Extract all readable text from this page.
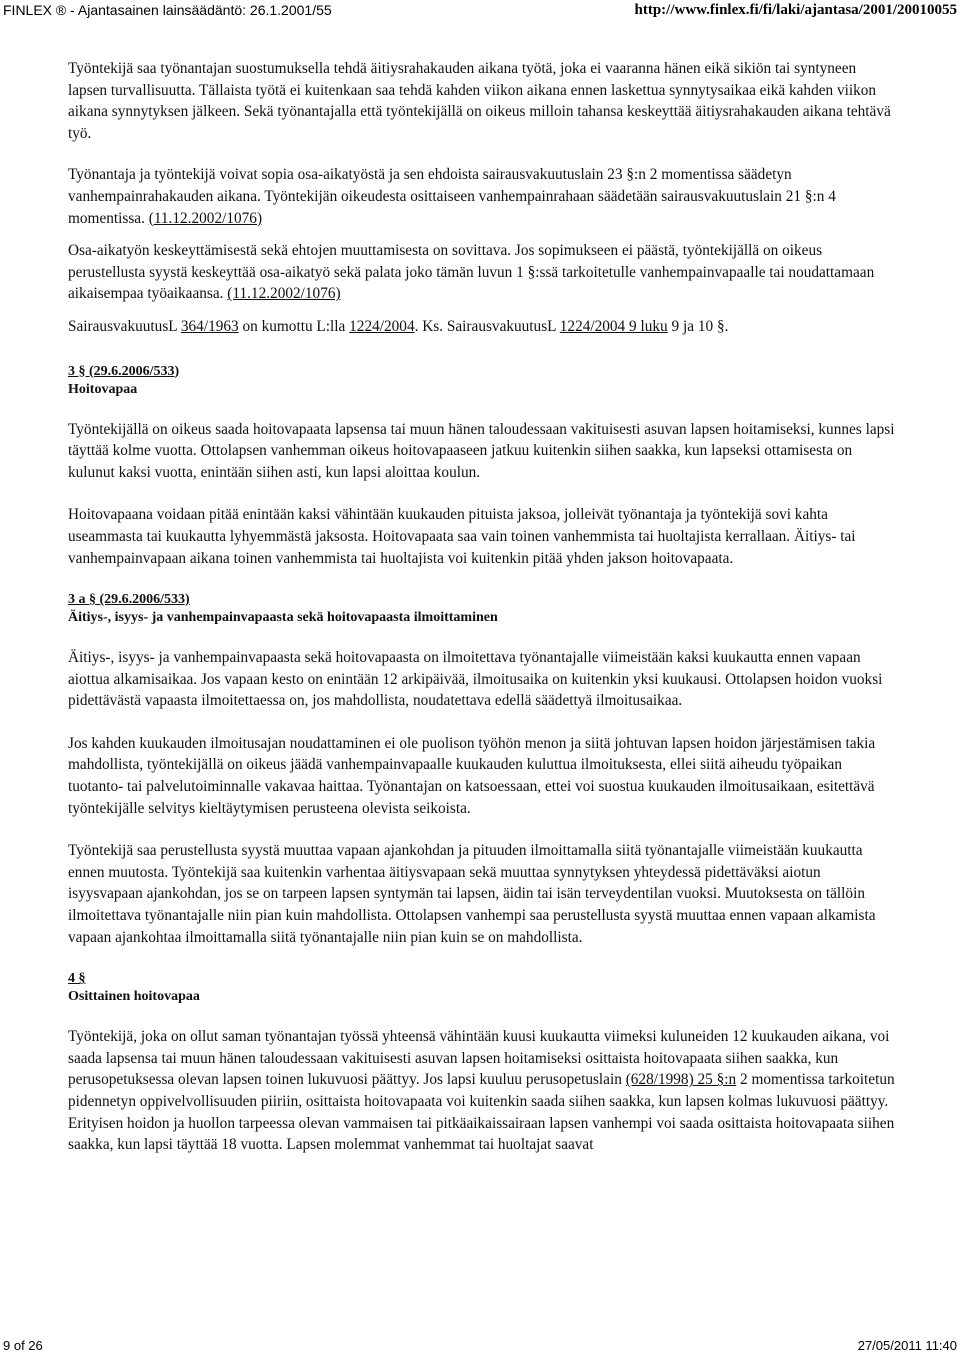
FINLEX ® - Ajantasainen lainsäädäntö: 26.1.2001/55	http://www.finlex.fi/fi/laki/ajantasa/2001/20010055

Työntekijä saa työnantajan suostumuksella tehdä äitiysrahakauden aikana työtä, joka ei vaaranna hänen eikä sikiön tai syntyneen lapsen turvallisuutta. Tällaista työtä ei kuitenkaan saa tehdä kahden viikon aikana ennen laskettua synnytysaikaa eikä kahden viikon aikana synnytyksen jälkeen. Sekä työnantajalla että työntekijällä on oikeus milloin tahansa keskeyttää äitiysrahakauden aikana tehtävä työ.

Työnantaja ja työntekijä voivat sopia osa-aikatyöstä ja sen ehdoista sairausvakuutuslain 23 §:n 2 momentissa säädetyn vanhempainrahakauden aikana. Työntekijän oikeudesta osittaiseen vanhempainrahaan säädetään sairausvakuutuslain 21 §:n 4 momentissa. (11.12.2002/1076)

Osa-aikatyön keskeyttämisestä sekä ehtojen muuttamisesta on sovittava. Jos sopimukseen ei päästä, työntekijällä on oikeus perustellusta syystä keskeyttää osa-aikatyö sekä palata joko tämän luvun 1 §:ssä tarkoitetulle vanhempainvapaalle tai noudattamaan aikaisempaa työaikaansa. (11.12.2002/1076)

SairausvakuutusL 364/1963 on kumottu L:lla 1224/2004. Ks. SairausvakuutusL 1224/2004 9 luku 9 ja 10 §.

3 § (29.6.2006/533)
Hoitovapaa

Työntekijällä on oikeus saada hoitovapaata lapsensa tai muun hänen taloudessaan vakituisesti asuvan lapsen hoitamiseksi, kunnes lapsi täyttää kolme vuotta. Ottolapsen vanhemman oikeus hoitovapaaseen jatkuu kuitenkin siihen saakka, kun lapseksi ottamisesta on kulunut kaksi vuotta, enintään siihen asti, kun lapsi aloittaa koulun.

Hoitovapaana voidaan pitää enintään kaksi vähintään kuukauden pituista jaksoa, jolleivät työnantaja ja työntekijä sovi kahta useammasta tai kuukautta lyhyemmästä jaksosta. Hoitovapaata saa vain toinen vanhemmista tai huoltajista kerrallaan. Äitiys- tai vanhempainvapaan aikana toinen vanhemmista tai huoltajista voi kuitenkin pitää yhden jakson hoitovapaata.

3 a § (29.6.2006/533)
Äitiys-, isyys- ja vanhempainvapaasta sekä hoitovapaasta ilmoittaminen

Äitiys-, isyys- ja vanhempainvapaasta sekä hoitovapaasta on ilmoitettava työnantajalle viimeistään kaksi kuukautta ennen vapaan aiottua alkamisaikaa. Jos vapaan kesto on enintään 12 arkipäivää, ilmoitusaika on kuitenkin yksi kuukausi. Ottolapsen hoidon vuoksi pidettävästä vapaasta ilmoitettaessa on, jos mahdollista, noudatettava edellä säädettyä ilmoitusaikaa.

Jos kahden kuukauden ilmoitusajan noudattaminen ei ole puolison työhön menon ja siitä johtuvan lapsen hoidon järjestämisen takia mahdollista, työntekijällä on oikeus jäädä vanhempainvapaalle kuukauden kuluttua ilmoituksesta, ellei siitä aiheudu työpaikan tuotanto- tai palvelutoiminnalle vakavaa haittaa. Työnantajan on katsoessaan, ettei voi suostua kuukauden ilmoitusaikaan, esitettävä työntekijälle selvitys kieltäytymisen perusteena olevista seikoista.

Työntekijä saa perustellusta syystä muuttaa vapaan ajankohdan ja pituuden ilmoittamalla siitä työnantajalle viimeistään kuukautta ennen muutosta. Työntekijä saa kuitenkin varhentaa äitiysvapaan sekä muuttaa synnytyksen yhteydessä pidettäväksi aiotun isyysvapaan ajankohdan, jos se on tarpeen lapsen syntymän tai lapsen, äidin tai isän terveydentilan vuoksi. Muutoksesta on tällöin ilmoitettava työnantajalle niin pian kuin mahdollista. Ottolapsen vanhempi saa perustellusta syystä muuttaa ennen vapaan alkamista vapaan ajankohtaa ilmoittamalla siitä työnantajalle niin pian kuin se on mahdollista.

4 §
Osittainen hoitovapaa

Työntekijä, joka on ollut saman työnantajan työssä yhteensä vähintään kuusi kuukautta viimeksi kuluneiden 12 kuukauden aikana, voi saada lapsensa tai muun hänen taloudessaan vakituisesti asuvan lapsen hoitamiseksi osittaista hoitovapaata siihen saakka, kun perusopetuksessa olevan lapsen toinen lukuvuosi päättyy. Jos lapsi kuuluu perusopetuslain (628/1998) 25 §:n 2 momentissa tarkoitetun pidennetyn oppivelvollisuuden piiriin, osittaista hoitovapaata voi kuitenkin saada siihen saakka, kun lapsen kolmas lukuvuosi päättyy. Erityisen hoidon ja huollon tarpeessa olevan vammaisen tai pitkäaikaissairaan lapsen vanhempi voi saada osittaista hoitovapaata siihen saakka, kun lapsi täyttää 18 vuotta. Lapsen molemmat vanhemmat tai huoltajat saavat

9 of 26	27/05/2011 11:40
